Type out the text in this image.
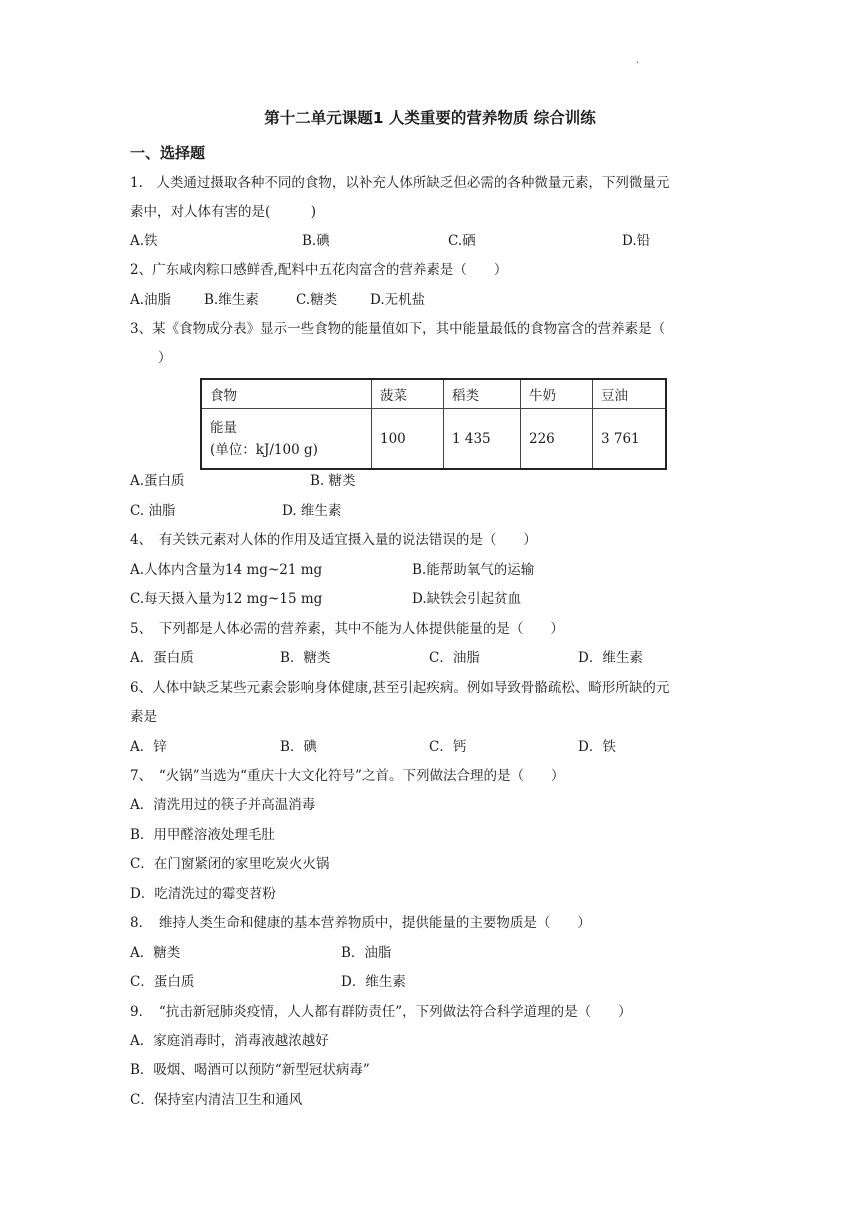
·
第十二单元课题1 人类重要的营养物质 综合训练
一、选择题
1.　人类通过摄取各种不同的食物，以补充人体所缺乏但必需的各种微量元素，下列微量元
素中，对人体有害的是(　　　)
A.铁	B.碘	C.硒	D.铅
2、广东咸肉粽口感鲜香,配料中五花肉富含的营养素是（　　）
A.油脂 B.维生素	C.糖类 D.无机盐
3、某《食物成分表》显示一些食物的能量值如下，其中能量最低的食物富含的营养素是（
）
食物	菠菜	稻类	牛奶	豆油

能量
(单位：kJ/100 g)	100	1 435	226	3 761
A.蛋白质	B. 糖类
C. 油脂	D. 维生素
4、　有关铁元素对人体的作用及适宜摄入量的说法错误的是（　　）
A.人体内含量为14 mg~21 mg	B.能帮助氧气的运输
C.每天摄入量为12 mg~15 mg	D.缺铁会引起贫血
5、　下列都是人体必需的营养素，其中不能为人体提供能量的是（　　）
A．蛋白质	B．糖类	C．油脂	D．维生素
6、人体中缺乏某些元素会影响身体健康,甚至引起疾病。例如导致骨骼疏松、畸形所缺的元
素是
A．锌	B．碘	C．钙	D．铁
7、　“火锅”当选为“重庆十大文化符号”之首。下列做法合理的是（　　）
A．清洗用过的筷子并高温消毒
B．用甲醛溶液处理毛肚
C．在门窗紧闭的家里吃炭火火锅
D．吃清洗过的霉变苕粉
8．　维持人类生命和健康的基本营养物质中，提供能量的主要物质是（　　）
A．糖类	B．油脂
C．蛋白质	D．维生素
9．　“抗击新冠肺炎疫情，人人都有群防责任”，下列做法符合科学道理的是（　　）
A．家庭消毒时，消毒液越浓越好
B．吸烟、喝酒可以预防“新型冠状病毒”
C．保持室内清洁卫生和通风
